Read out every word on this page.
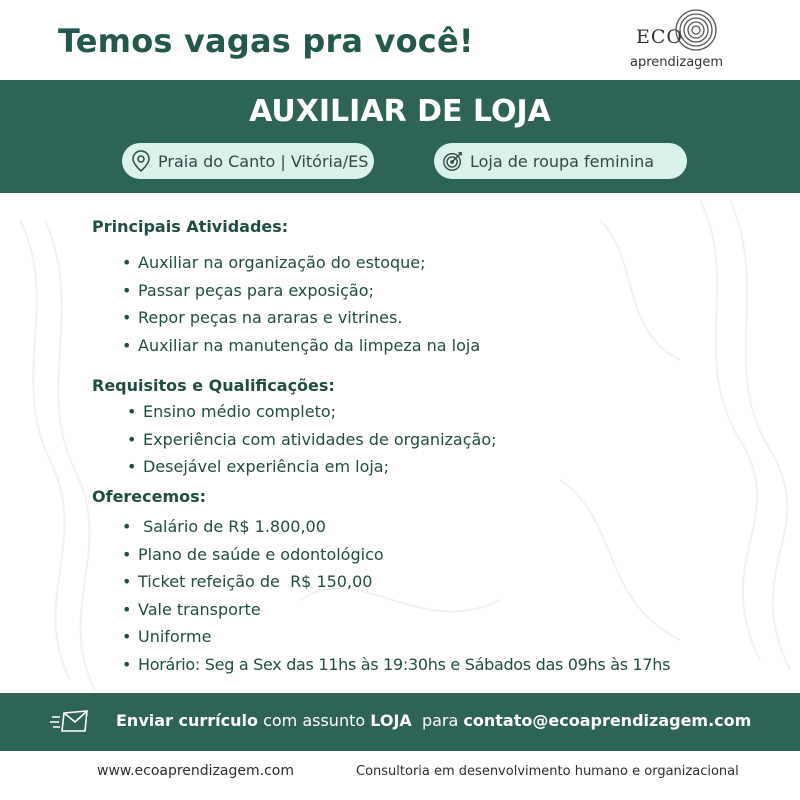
Temos vagas pra você!	ECO
aprendizagem
AUXILIAR DE LOJA
Praia do Canto | Vitória/ES	Loja de roupa feminina
Principais Atividades:
• Auxiliar na organização do estoque;
• Passar peças para exposição;
• Repor peças na araras e vitrines.
• Auxiliar na manutenção da limpeza na loja
Requisitos e Qualificações:
• Ensino médio completo;
• Experiência com atividades de organização;
• Desejável experiência em loja;
Oferecemos:
• Salário de R$ 1.800,00
• Plano de saúde e odontológico
• Ticket refeição de  R$ 150,00
• Vale transporte
• Uniforme
• Horário: Seg a Sex das 11hs às 19:30hs e Sábados das 09hs às 17hs
Enviar currículo com assunto LOJA  para contato@ecoaprendizagem.com
www.ecoaprendizagem.com	Consultoria em desenvolvimento humano e organizacional
